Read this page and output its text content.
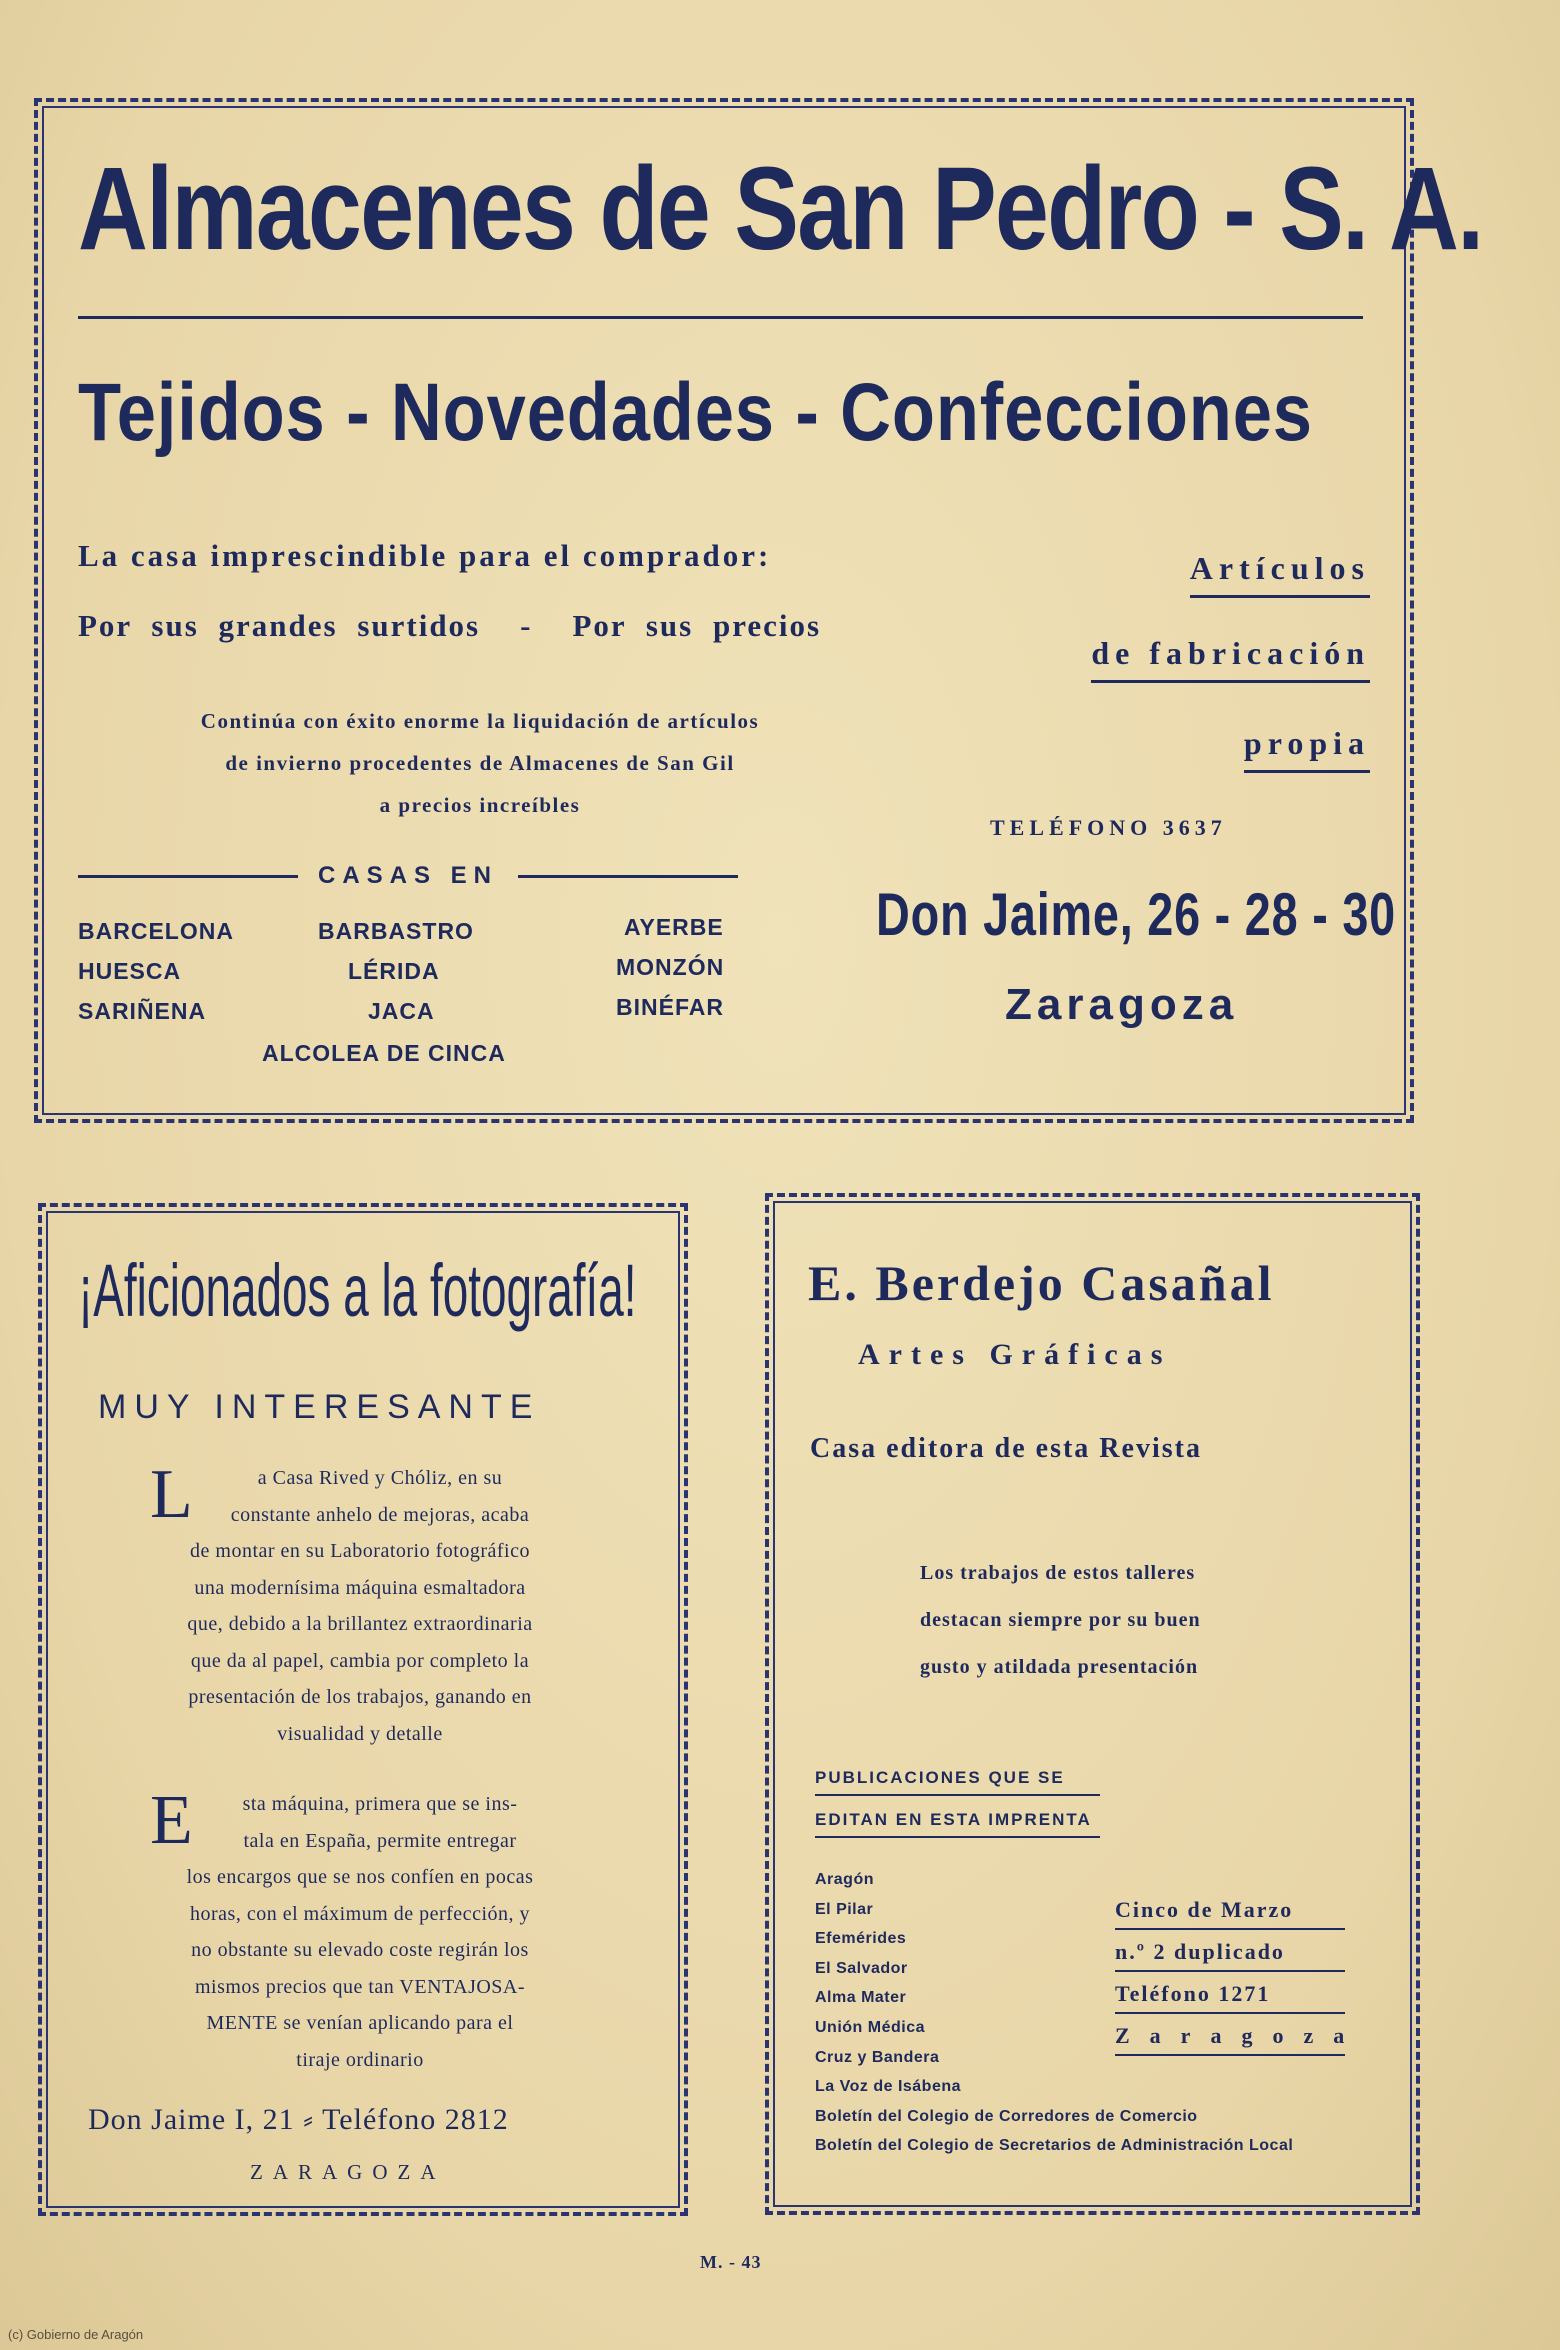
Almacenes de San Pedro - S. A.
Tejidos - Novedades - Confecciones
La casa imprescindible para el comprador:
Por sus grandes surtidos - Por sus precios
Continúa con éxito enorme la liquidación de artículos
de invierno procedentes de Almacenes de San Gil
a precios increíbles
CASAS EN
BARCELONA
HUESCA
SARIÑENA
BARBASTRO
LÉRIDA
JACA
AYERBE
MONZÓN
BINÉFAR
ALCOLEA DE CINCA
Artículos
de fabricación
propia
TELÉFONO 3637
Don Jaime, 26 - 28 - 30
Zaragoza
¡Aficionados a la fotografía!
MUY INTERESANTE
L	a Casa Rived y Chóliz, en su
constante anhelo de mejoras, acaba
de montar en su Laboratorio fotográfico
una modernísima máquina esmaltadora
que, debido a la brillantez extraordinaria
que da al papel, cambia por completo la
presentación de los trabajos, ganando en
visualidad y detalle
E	sta máquina, primera que se ins-
tala en España, permite entregar
los encargos que se nos confíen en pocas
horas, con el máximum de perfección, y
no obstante su elevado coste regirán los
mismos precios que tan VENTAJOSA-
MENTE se venían aplicando para el
tiraje ordinario
Don Jaime I, 21 ⸗ Teléfono 2812
ZARAGOZA
E. Berdejo Casañal
Artes Gráficas
Casa editora de esta Revista
Los trabajos de estos talleres
destacan siempre por su buen
gusto y atildada presentación
PUBLICACIONES QUE SE
EDITAN EN ESTA IMPRENTA
Aragón
El Pilar
Efemérides
El Salvador
Alma Mater
Unión Médica
Cruz y Bandera
La Voz de Isábena
Boletín del Colegio de Corredores de Comercio
Boletín del Colegio de Secretarios de Administración Local
Cinco de Marzo
n.º 2 duplicado
Teléfono 1271
Zaragoza
M. - 43
(c) Gobierno de Aragón
